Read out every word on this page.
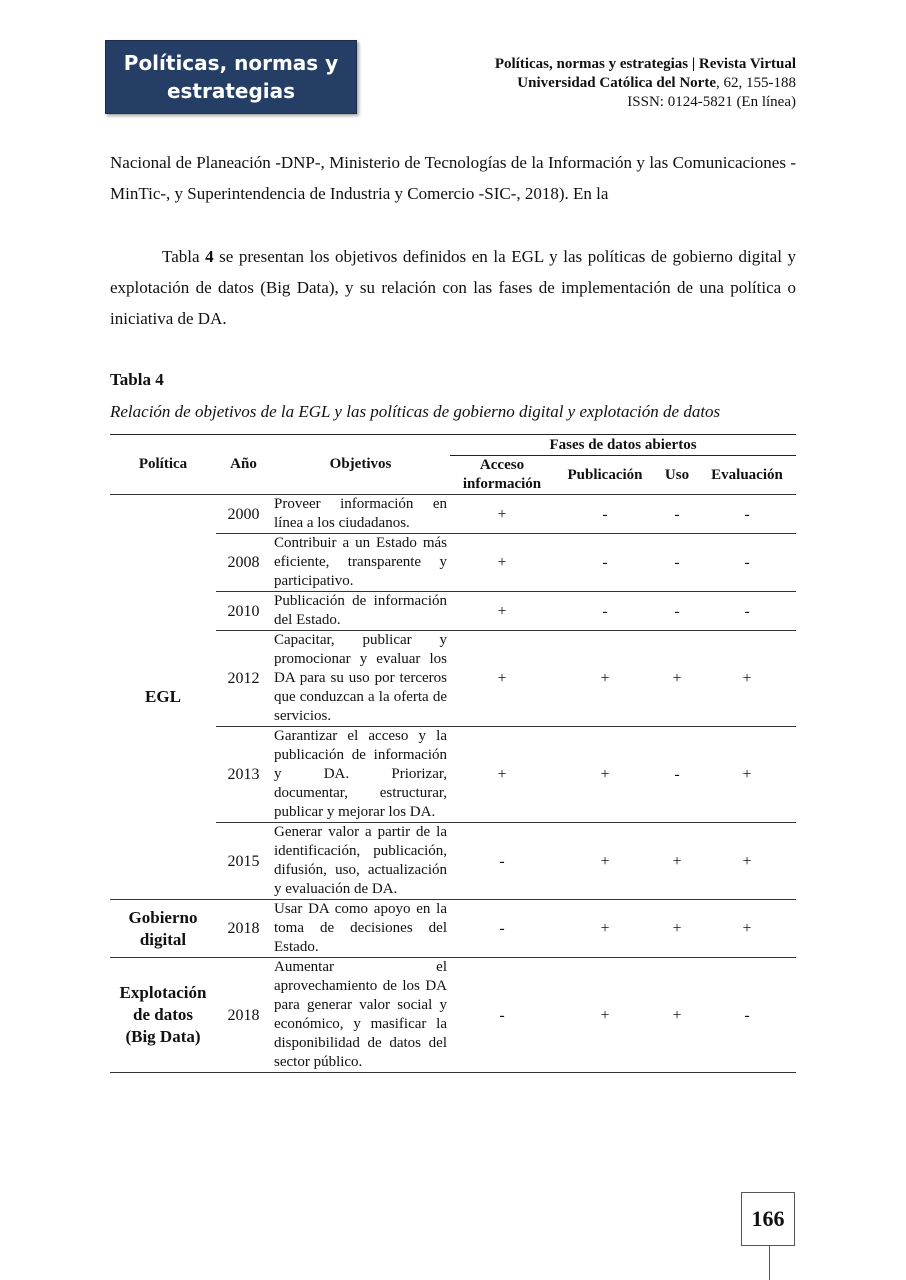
Políticas, normas y
estrategias
Políticas, normas y estrategias | Revista Virtual
Universidad Católica del Norte, 62, 155-188
ISSN: 0124-5821 (En línea)
Nacional de Planeación -DNP-, Ministerio de Tecnologías de la Información y las Comunicaciones -MinTic-, y Superintendencia de Industria y Comercio -SIC-, 2018). En la
Tabla 4 se presentan los objetivos definidos en la EGL y las políticas de gobierno digital y explotación de datos (Big Data), y su relación con las fases de implementación de una política o iniciativa de DA.
Tabla 4
Relación de objetivos de la EGL y las políticas de gobierno digital y explotación de datos
Política	Año	Objetivos	Fases de datos abiertos			
			Acceso información	Publicación	Uso	Evaluación
EGL	2000	Proveer información en línea a los ciudadanos.	+	-	-	-
	2008	Contribuir a un Estado más eficiente, transparente y participativo.	+	-	-	-
	2010	Publicación de información del Estado.	+	-	-	-
	2012	Capacitar, publicar y promocionar y evaluar los DA para su uso por terceros que conduzcan a la oferta de servicios.	+	+	+	+
	2013	Garantizar el acceso y la publicación de información y DA. Priorizar, documentar, estructurar, publicar y mejorar los DA.	+	+	-	+
	2015	Generar valor a partir de la identificación, publicación, difusión, uso, actualización y evaluación de DA.	-	+	+	+
Gobierno
digital	2018	Usar DA como apoyo en la toma de decisiones del Estado.	-	+	+	+
Explotación
de datos
(Big Data)	2018	Aumentar el aprovechamiento de los DA para generar valor social y económico, y masificar la disponibilidad de datos del sector público.	-	+	+	-
166
